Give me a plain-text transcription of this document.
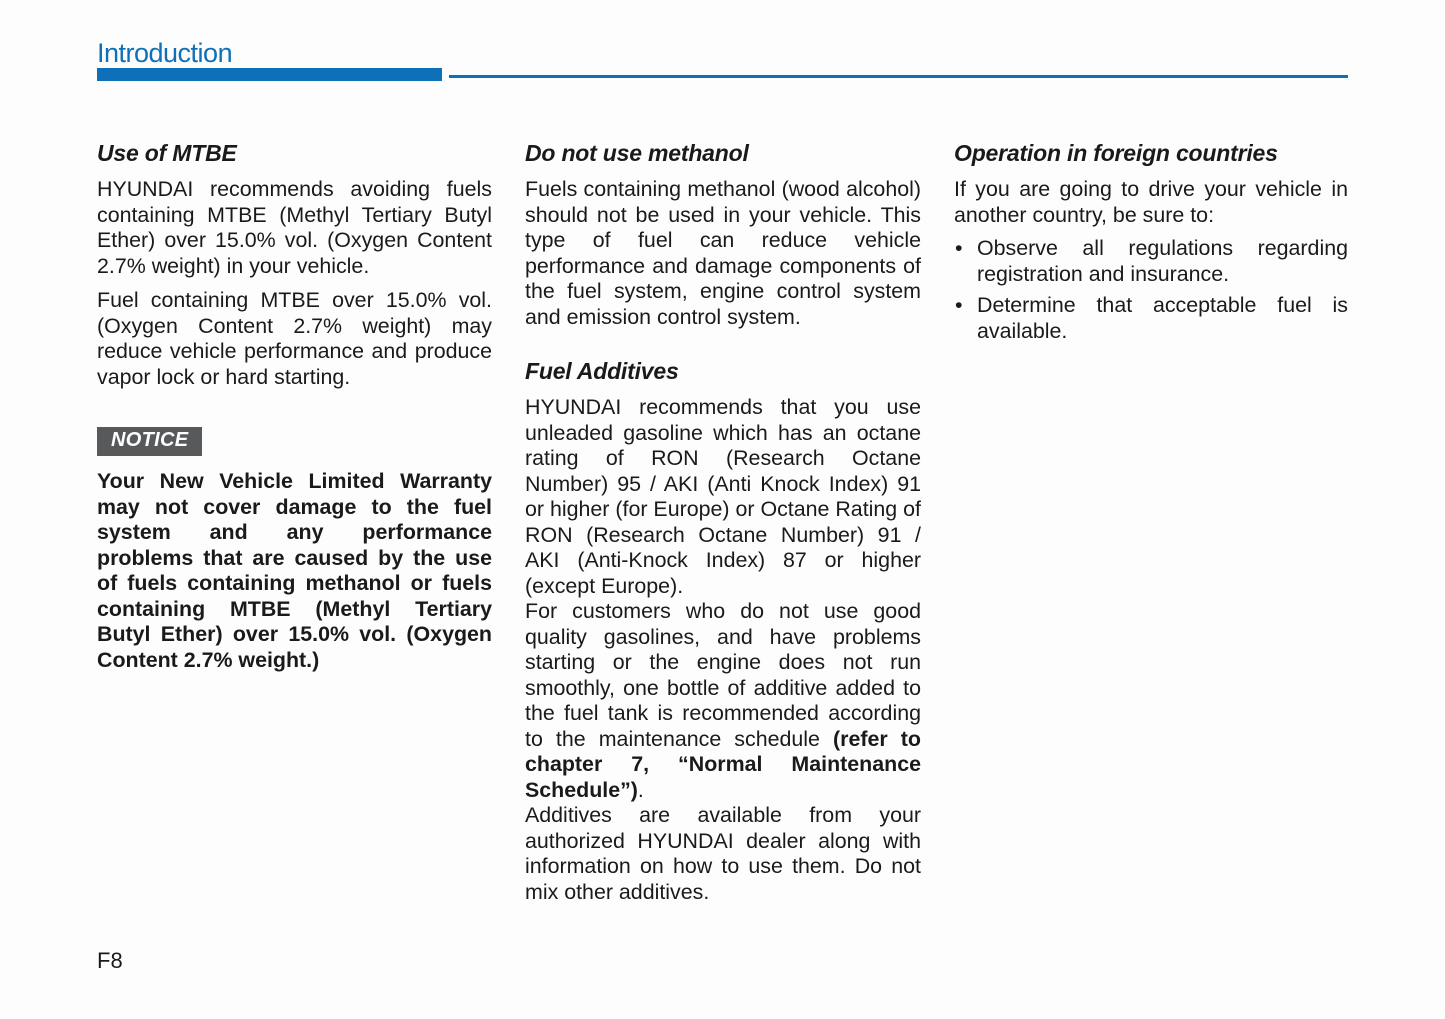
Introduction
Use of MTBE

HYUNDAI recommends avoiding fuels containing MTBE (Methyl Tertiary Butyl Ether) over 15.0% vol. (Oxygen Content 2.7% weight) in your vehicle.

Fuel containing MTBE over 15.0% vol. (Oxygen Content 2.7% weight) may reduce vehicle performance and produce vapor lock or hard starting.

NOTICE

Your New Vehicle Limited Warranty may not cover damage to the fuel system and any performance problems that are caused by the use of fuels containing methanol or fuels containing MTBE (Methyl Tertiary Butyl Ether) over 15.0% vol. (Oxygen Content 2.7% weight.)

Do not use methanol

Fuels containing methanol (wood alcohol) should not be used in your vehicle. This type of fuel can reduce vehicle performance and damage components of the fuel system, engine control system and emission control system.

Fuel Additives

HYUNDAI recommends that you use unleaded gasoline which has an octane rating of RON (Research Octane Number) 95 / AKI (Anti Knock Index) 91 or higher (for Europe) or Octane Rating of RON (Research Octane Number) 91 / AKI (Anti-Knock Index) 87 or higher (except Europe).

For customers who do not use good quality gasolines, and have problems starting or the engine does not run smoothly, one bottle of additive added to the fuel tank is recommended according to the maintenance schedule (refer to chapter 7, “Normal Maintenance Schedule”).

Additives are available from your authorized HYUNDAI dealer along with information on how to use them. Do not mix other additives.

Operation in foreign countries

If you are going to drive your vehicle in another country, be sure to:

• Observe all regulations regarding registration and insurance.
• Determine that acceptable fuel is available.
F8
